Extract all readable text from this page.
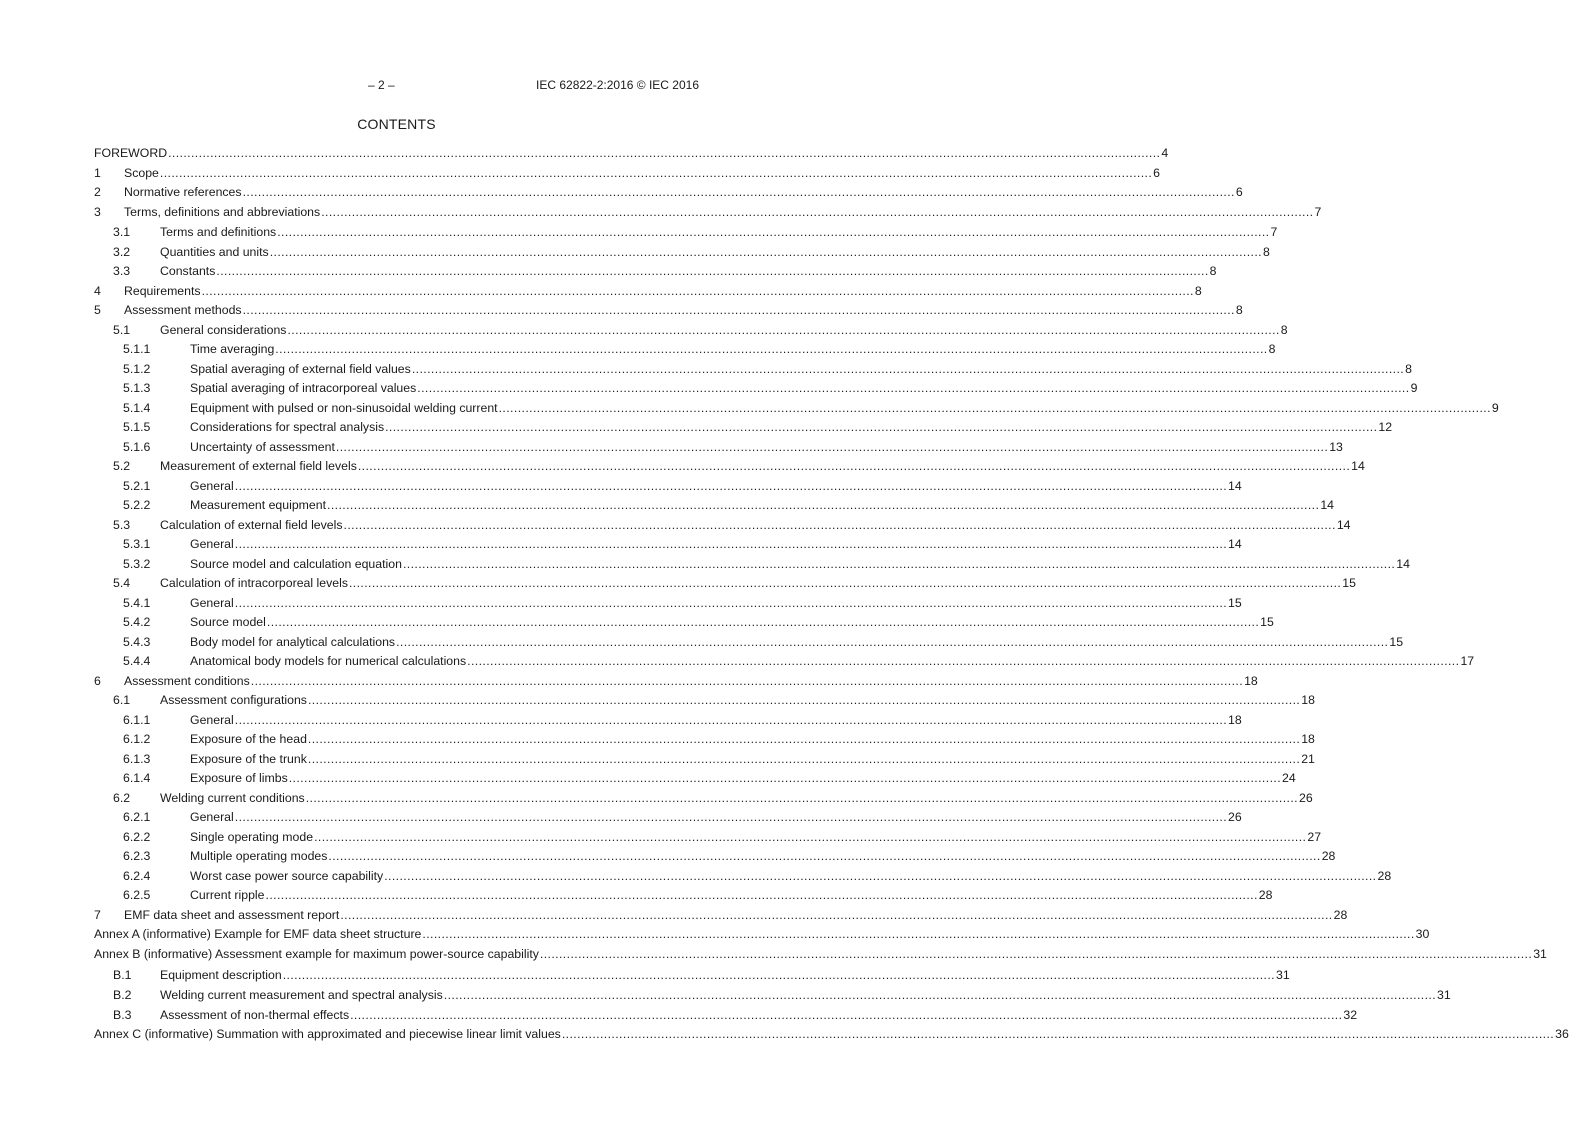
– 2 –	IEC 62822-2:2016 © IEC 2016
CONTENTS
FOREWORD .................................................................................................................................................................................................................................................................... 4
1 Scope .................................................................................................................................................................................................................................................................... 6
2 Normative references .................................................................................................................................................................................................................................................................... 6
3 Terms, definitions and abbreviations .................................................................................................................................................................................................................................................................... 7
3.1 Terms and definitions .................................................................................................................................................................................................................................................................... 7
3.2 Quantities and units .................................................................................................................................................................................................................................................................... 8
3.3 Constants .................................................................................................................................................................................................................................................................... 8
4 Requirements .................................................................................................................................................................................................................................................................... 8
5 Assessment methods .................................................................................................................................................................................................................................................................... 8
5.1 General considerations .................................................................................................................................................................................................................................................................... 8
5.1.1	Time averaging .................................................................................................................................................................................................................................................................... 8
5.1.2	Spatial averaging of external field values .................................................................................................................................................................................................................................................................... 8
5.1.3	Spatial averaging of intracorporeal values .................................................................................................................................................................................................................................................................... 9
5.1.4	Equipment with pulsed or non-sinusoidal welding current .................................................................................................................................................................................................................................................................... 9
5.1.5	Considerations for spectral analysis .................................................................................................................................................................................................................................................................... 12
5.1.6	Uncertainty of assessment .................................................................................................................................................................................................................................................................... 13
5.2 Measurement of external field levels .................................................................................................................................................................................................................................................................... 14
5.2.1	General .................................................................................................................................................................................................................................................................... 14
5.2.2	Measurement equipment .................................................................................................................................................................................................................................................................... 14
5.3 Calculation of external field levels .................................................................................................................................................................................................................................................................... 14
5.3.1	General .................................................................................................................................................................................................................................................................... 14
5.3.2	Source model and calculation equation .................................................................................................................................................................................................................................................................... 14
5.4 Calculation of intracorporeal levels .................................................................................................................................................................................................................................................................... 15
5.4.1	General .................................................................................................................................................................................................................................................................... 15
5.4.2	Source model .................................................................................................................................................................................................................................................................... 15
5.4.3	Body model for analytical calculations .................................................................................................................................................................................................................................................................... 15
5.4.4	Anatomical body models for numerical calculations .................................................................................................................................................................................................................................................................... 17
6 Assessment conditions .................................................................................................................................................................................................................................................................... 18
6.1 Assessment configurations .................................................................................................................................................................................................................................................................... 18
6.1.1	General .................................................................................................................................................................................................................................................................... 18
6.1.2	Exposure of the head .................................................................................................................................................................................................................................................................... 18
6.1.3	Exposure of the trunk .................................................................................................................................................................................................................................................................... 21
6.1.4	Exposure of limbs .................................................................................................................................................................................................................................................................... 24
6.2 Welding current conditions .................................................................................................................................................................................................................................................................... 26
6.2.1	General .................................................................................................................................................................................................................................................................... 26
6.2.2	Single operating mode .................................................................................................................................................................................................................................................................... 27
6.2.3	Multiple operating modes .................................................................................................................................................................................................................................................................... 28
6.2.4	Worst case power source capability .................................................................................................................................................................................................................................................................... 28
6.2.5	Current ripple .................................................................................................................................................................................................................................................................... 28
7 EMF data sheet and assessment report .................................................................................................................................................................................................................................................................... 28
Annex A (informative) Example for EMF data sheet structure .................................................................................................................................................................................................................................................................... 30
Annex B (informative) Assessment example for maximum power-source capability .................................................................................................................................................................................................................................................................... 31
B.1 Equipment description .................................................................................................................................................................................................................................................................... 31
B.2 Welding current measurement and spectral analysis .................................................................................................................................................................................................................................................................... 31
B.3 Assessment of non-thermal effects .................................................................................................................................................................................................................................................................... 32
Annex C (informative) Summation with approximated and piecewise linear limit values .................................................................................................................................................................................................................................................................... 36
